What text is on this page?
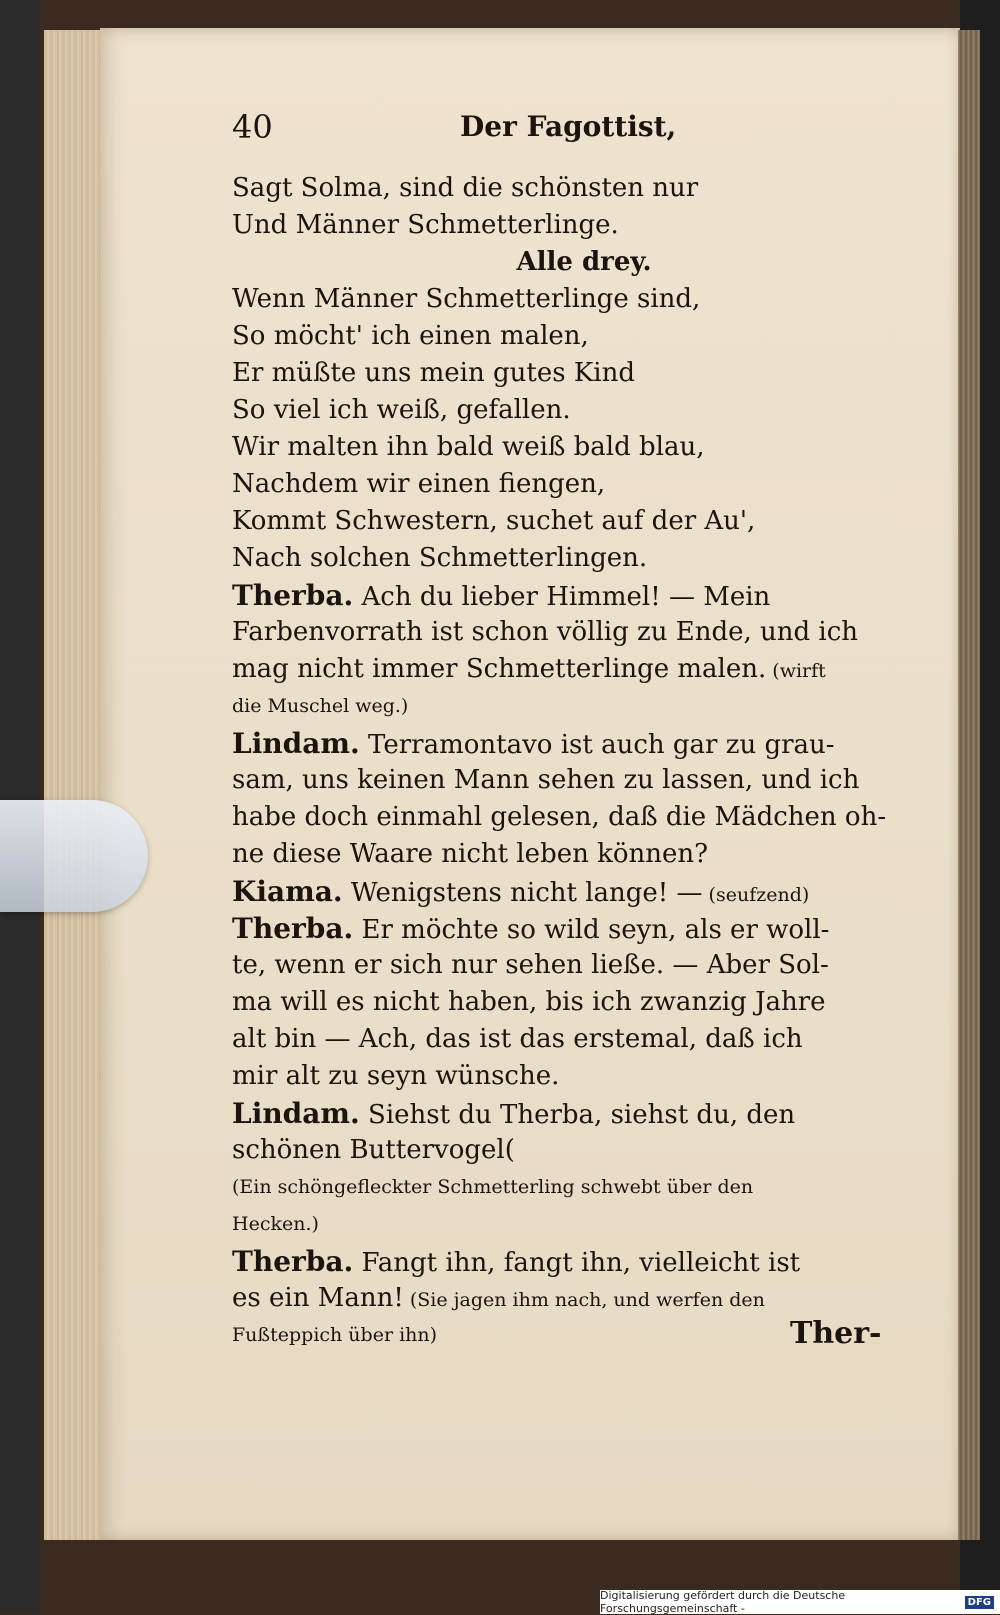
40	Der Fagottist,
Sagt Solma, sind die schönsten nur
Und Männer Schmetterlinge.
Alle drey.
Wenn Männer Schmetterlinge sind,
So möcht' ich einen malen,
Er müßte uns mein gutes Kind
So viel ich weiß, gefallen.
Wir malten ihn bald weiß bald blau,
Nachdem wir einen fiengen,
Kommt Schwestern, suchet auf der Au',
Nach solchen Schmetterlingen.
Therba. Ach du lieber Himmel! — Mein
Farbenvorrath ist schon völlig zu Ende, und ich
mag nicht immer Schmetterlinge malen. (wirft
die Muschel weg.)
Lindam. Terramontavo ist auch gar zu grau-
sam, uns keinen Mann sehen zu lassen, und ich
habe doch einmahl gelesen, daß die Mädchen oh-
ne diese Waare nicht leben können?
Kiama. Wenigstens nicht lange! — (seufzend)
Therba. Er möchte so wild seyn, als er woll-
te, wenn er sich nur sehen ließe. — Aber Sol-
ma will es nicht haben, bis ich zwanzig Jahre
alt bin — Ach, das ist das erstemal, daß ich
mir alt zu seyn wünsche.
Lindam. Siehst du Therba, siehst du, den
schönen Buttervogel(
(Ein schöngefleckter Schmetterling schwebt über den
Hecken.)
Therba. Fangt ihn, fangt ihn, vielleicht ist
es ein Mann! (Sie jagen ihm nach, und werfen den
Fußteppich über ihn)	Ther-
Digitalisierung gefördert durch die Deutsche Forschungsgemeinschaft -	DFG
